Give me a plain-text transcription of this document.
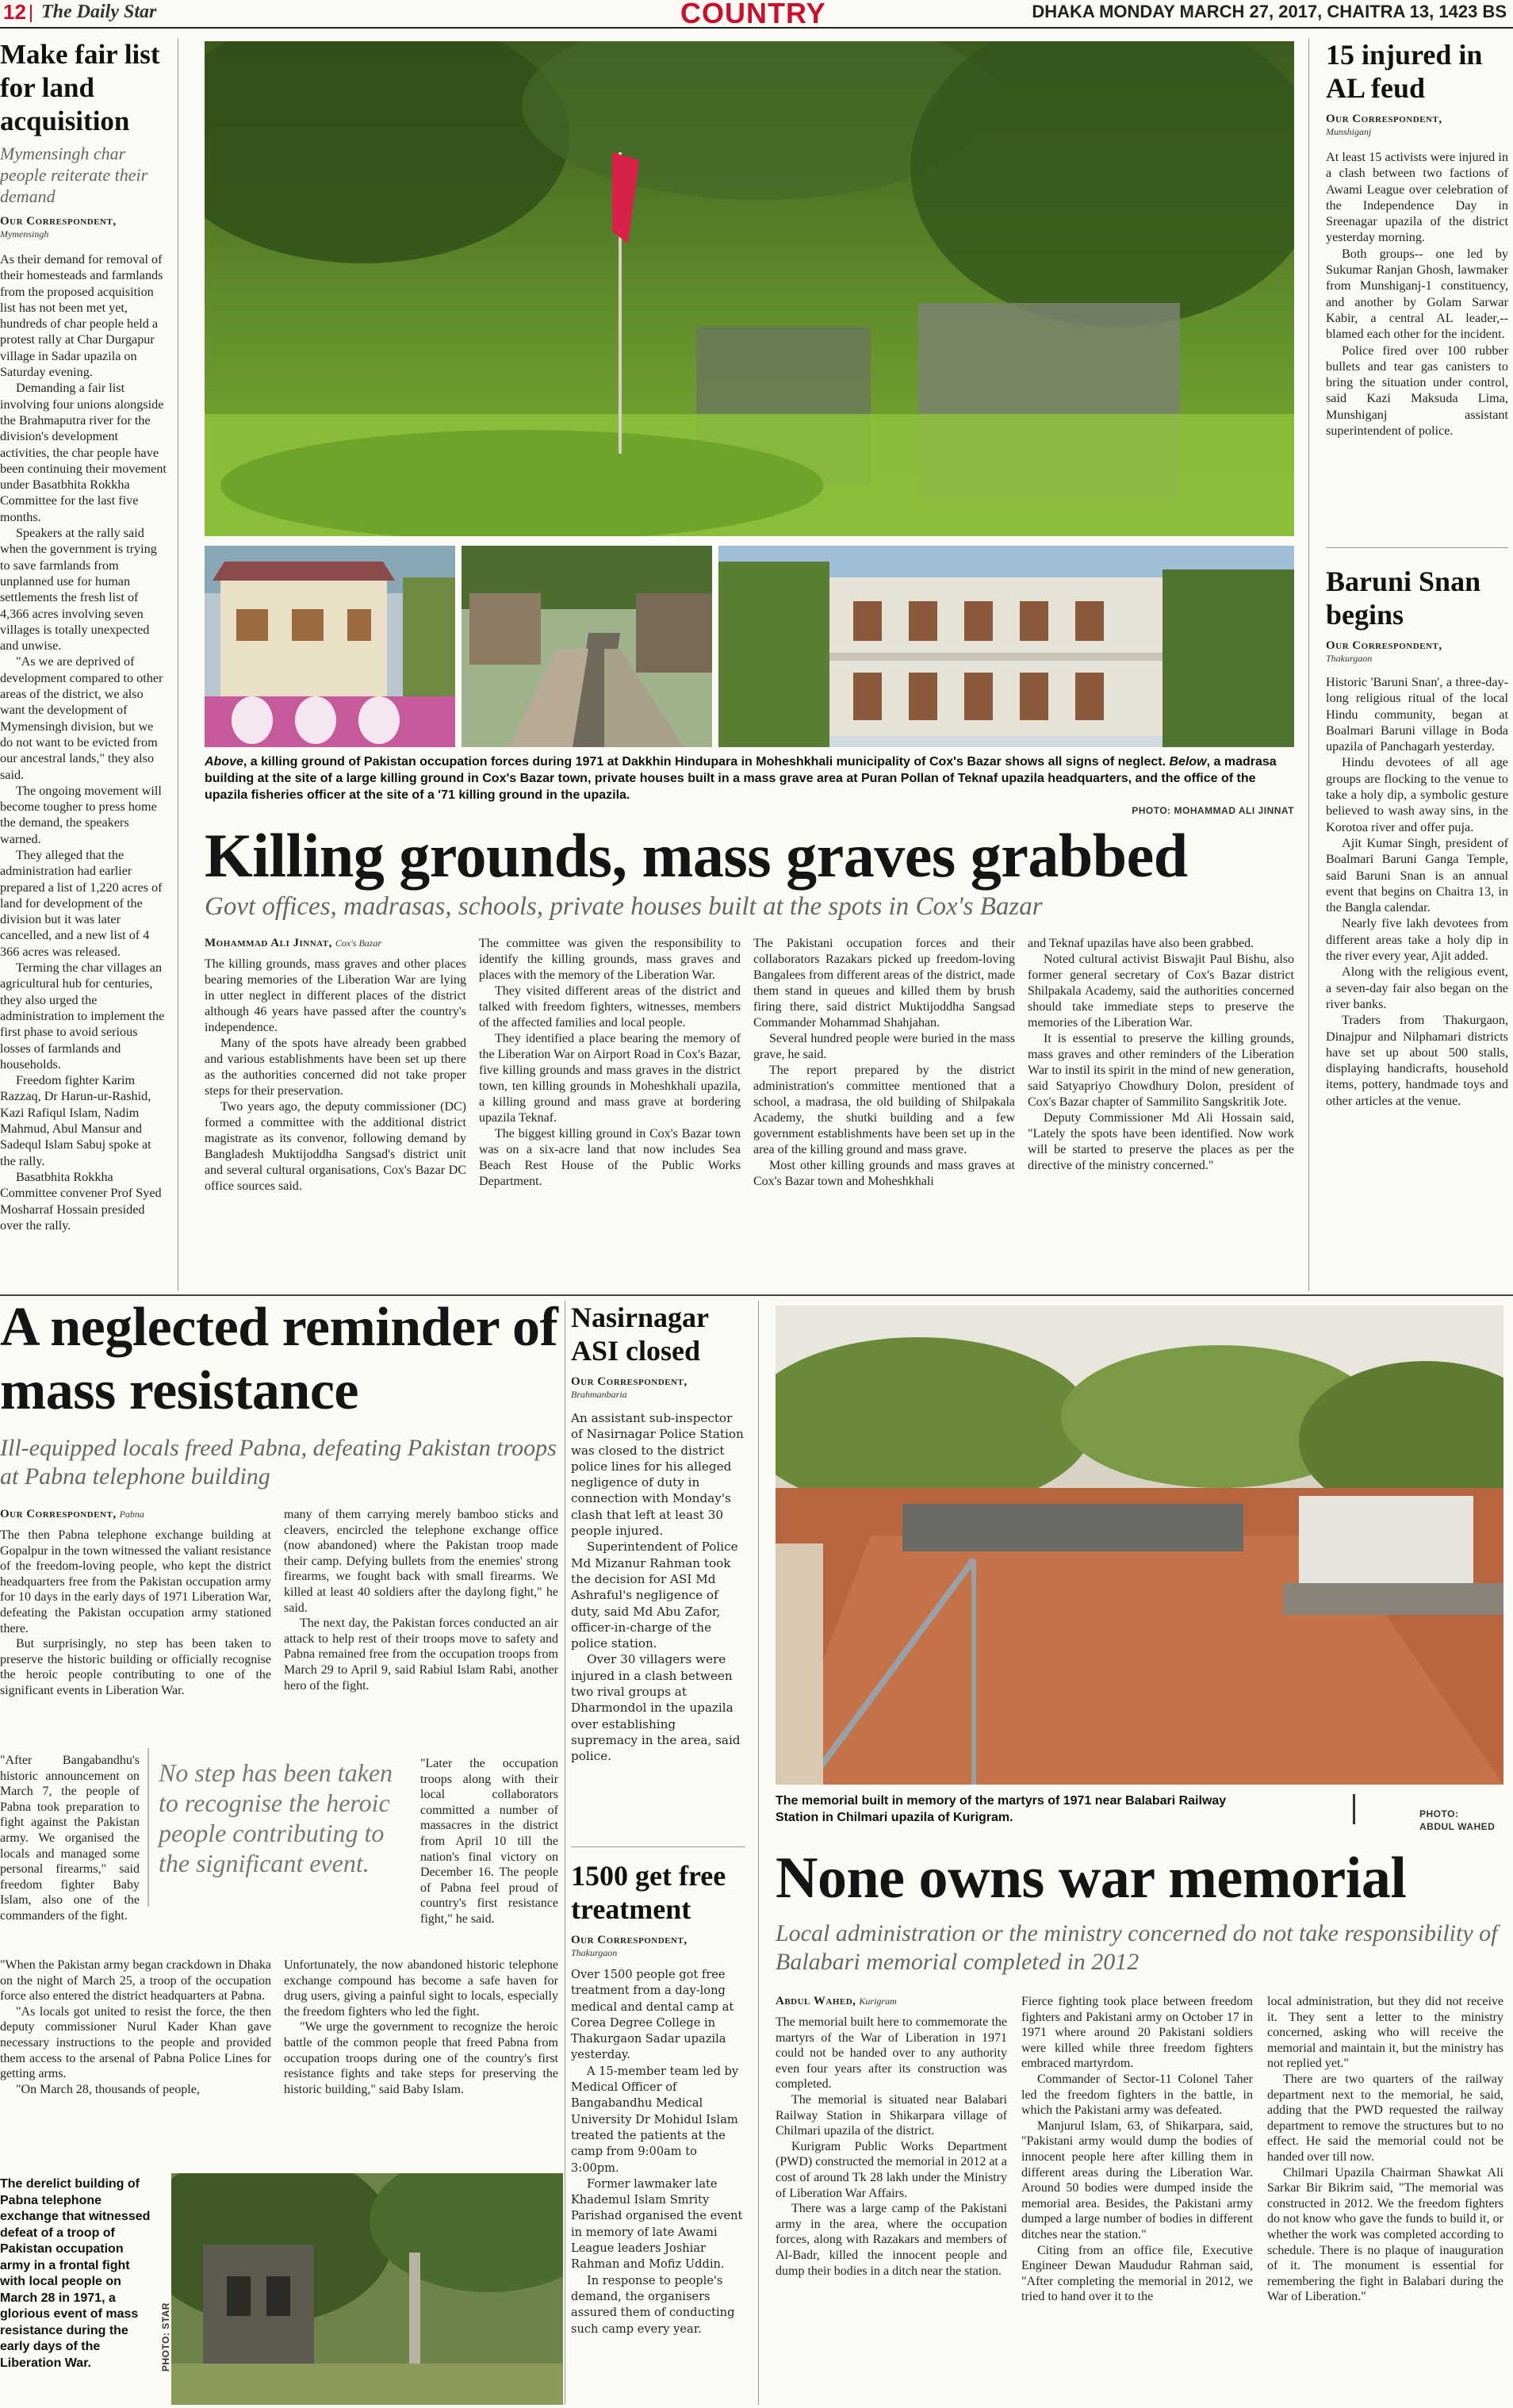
12 The Daily Star	COUNTRY	DHAKA MONDAY MARCH 27, 2017, CHAITRA 13, 1423 BS
Make fair list for land acquisition
Mymensingh char people reiterate their demand
Our Correspondent,
Mymensingh

As their demand for removal of their homesteads and farmlands from the proposed acquisition list has not been met yet, hundreds of char people held a protest rally at Char Durgapur village in Sadar upazila on Saturday evening.

Demanding a fair list involving four unions alongside the Brahmaputra river for the division's development activities, the char people have been continuing their movement under Basatbhita Rokkha Committee for the last five months.

Speakers at the rally said when the government is trying to save farmlands from unplanned use for human settlements the fresh list of 4,366 acres involving seven villages is totally unexpected and unwise.

"As we are deprived of development compared to other areas of the district, we also want the development of Mymensingh division, but we do not want to be evicted from our ancestral lands," they also said.

The ongoing movement will become tougher to press home the demand, the speakers warned.

They alleged that the administration had earlier prepared a list of 1,220 acres of land for development of the division but it was later cancelled, and a new list of 4 366 acres was released.

Terming the char villages an agricultural hub for centuries, they also urged the administration to implement the first phase to avoid serious losses of farmlands and households.

Freedom fighter Karim Razzaq, Dr Harun-ur-Rashid, Kazi Rafiqul Islam, Nadim Mahmud, Abul Mansur and Sadequl Islam Sabuj spoke at the rally.

Basatbhita Rokkha Committee convener Prof Syed Mosharraf Hossain presided over the rally.

Above, a killing ground of Pakistan occupation forces during 1971 at Dakkhin Hindupara in Moheshkhali municipality of Cox's Bazar shows all signs of neglect. Below, a madrasa building at the site of a large killing ground in Cox's Bazar town, private houses built in a mass grave area at Puran Pollan of Teknaf upazila headquarters, and the office of the upazila fisheries officer at the site of a '71 killing ground in the upazila.
PHOTO: MOHAMMAD ALI JINNAT
Killing grounds, mass graves grabbed
Govt offices, madrasas, schools, private houses built at the spots in Cox's Bazar
Mohammad Ali Jinnat, Cox's Bazar

The killing grounds, mass graves and other places bearing memories of the Liberation War are lying in utter neglect in different places of the district although 46 years have passed after the country's independence.

Many of the spots have already been grabbed and various establishments have been set up there as the authorities concerned did not take proper steps for their preservation.

Two years ago, the deputy commissioner (DC) formed a committee with the additional district magistrate as its convenor, following demand by Bangladesh Muktijoddha Sangsad's district unit and several cultural organisations, Cox's Bazar DC office sources said.

The committee was given the responsibility to identify the killing grounds, mass graves and places with the memory of the Liberation War.

They visited different areas of the district and talked with freedom fighters, witnesses, members of the affected families and local people.

They identified a place bearing the memory of the Liberation War on Airport Road in Cox's Bazar, five killing grounds and mass graves in the district town, ten killing grounds in Moheshkhali upazila, a killing ground and mass grave at bordering upazila Teknaf.

The biggest killing ground in Cox's Bazar town was on a six-acre land that now includes Sea Beach Rest House of the Public Works Department.

The Pakistani occupation forces and their collaborators Razakars picked up freedom-loving Bangalees from different areas of the district, made them stand in queues and killed them by brush firing there, said district Muktijoddha Sangsad Commander Mohammad Shahjahan.

Several hundred people were buried in the mass grave, he said.

The report prepared by the district administration's committee mentioned that a school, a madrasa, the old building of Shilpakala Academy, the shutki building and a few government establishments have been set up in the area of the killing ground and mass grave.

Most other killing grounds and mass graves at Cox's Bazar town and Moheshkhali

and Teknaf upazilas have also been grabbed.

Noted cultural activist Biswajit Paul Bishu, also former general secretary of Cox's Bazar district Shilpakala Academy, said the authorities concerned should take immediate steps to preserve the memories of the Liberation War.

It is essential to preserve the killing grounds, mass graves and other reminders of the Liberation War to instil its spirit in the mind of new generation, said Satyapriyo Chowdhury Dolon, president of Cox's Bazar chapter of Sammilito Sangskritik Jote.

Deputy Commissioner Md Ali Hossain said, "Lately the spots have been identified. Now work will be started to preserve the places as per the directive of the ministry concerned."

15 injured in AL feud
Our Correspondent,
Munshiganj

At least 15 activists were injured in a clash between two factions of Awami League over celebration of the Independence Day in Sreenagar upazila of the district yesterday morning.

Both groups-- one led by Sukumar Ranjan Ghosh, lawmaker from Munshiganj-1 constituency, and another by Golam Sarwar Kabir, a central AL leader,-- blamed each other for the incident.

Police fired over 100 rubber bullets and tear gas canisters to bring the situation under control, said Kazi Maksuda Lima, Munshiganj assistant superintendent of police.

Baruni Snan begins
Our Correspondent,
Thakurgaon

Historic 'Baruni Snan', a three-day-long religious ritual of the local Hindu community, began at Boalmari Baruni village in Boda upazila of Panchagarh yesterday.

Hindu devotees of all age groups are flocking to the venue to take a holy dip, a symbolic gesture believed to wash away sins, in the Korotoa river and offer puja.

Ajit Kumar Singh, president of Boalmari Baruni Ganga Temple, said Baruni Snan is an annual event that begins on Chaitra 13, in the Bangla calendar.

Nearly five lakh devotees from different areas take a holy dip in the river every year, Ajit added.

Along with the religious event, a seven-day fair also began on the river banks.

Traders from Thakurgaon, Dinajpur and Nilphamari districts have set up about 500 stalls, displaying handicrafts, household items, pottery, handmade toys and other articles at the venue.

A neglected reminder of mass resistance
Ill-equipped locals freed Pabna, defeating Pakistan troops at Pabna telephone building
Our Correspondent, Pabna

The then Pabna telephone exchange building at Gopalpur in the town witnessed the valiant resistance of the freedom-loving people, who kept the district headquarters free from the Pakistan occupation army for 10 days in the early days of 1971 Liberation War, defeating the Pakistan occupation army stationed there.

But surprisingly, no step has been taken to preserve the historic building or officially recognise the heroic people contributing to one of the significant events in Liberation War.

"After Bangabandhu's historic announcement on March 7, the people of Pabna took preparation to fight against the Pakistan army. We organised the locals and managed some personal firearms," said freedom fighter Baby Islam, also one of the commanders of the fight.

"When the Pakistan army began crackdown in Dhaka on the night of March 25, a troop of the occupation force also entered the district headquarters at Pabna.

"As locals got united to resist the force, the then deputy commissioner Nurul Kader Khan gave necessary instructions to the people and provided them access to the arsenal of Pabna Police Lines for getting arms.

"On March 28, thousands of people,

No step has been taken to recognise the heroic people contributing to the significant event.

many of them carrying merely bamboo sticks and cleavers, encircled the telephone exchange office (now abandoned) where the Pakistan troop made their camp. Defying bullets from the enemies' strong firearms, we fought back with small firearms. We killed at least 40 soldiers after the daylong fight," he said.

The next day, the Pakistan forces conducted an air attack to help rest of their troops move to safety and Pabna remained free from the occupation troops from March 29 to April 9, said Rabiul Islam Rabi, another hero of the fight.

"Later the occupation troops along with their local collaborators committed a number of massacres in the district from April 10 till the nation's final victory on December 16. The people of Pabna feel proud of country's first resistance fight," he said.

Unfortunately, the now abandoned historic telephone exchange compound has become a safe haven for drug users, giving a painful sight to locals, especially the freedom fighters who led the fight.

"We urge the government to recognize the heroic battle of the common people that freed Pabna from occupation troops during one of the country's first resistance fights and take steps for preserving the historic building," said Baby Islam.

The derelict building of Pabna telephone exchange that witnessed defeat of a troop of Pakistan occupation army in a frontal fight with local people on March 28 in 1971, a glorious event of mass resistance during the early days of the Liberation War.	PHOTO: STAR
Nasirnagar ASI closed
Our Correspondent,
Brahmanbaria

An assistant sub-inspector of Nasirnagar Police Station was closed to the district police lines for his alleged negligence of duty in connection with Monday's clash that left at least 30 people injured.

Superintendent of Police Md Mizanur Rahman took the decision for ASI Md Ashraful's negligence of duty, said Md Abu Zafor, officer-in-charge of the police station.

Over 30 villagers were injured in a clash between two rival groups at Dharmondol in the upazila over establishing supremacy in the area, said police.

1500 get free treatment
Our Correspondent,
Thakurgaon

Over 1500 people got free treatment from a day-long medical and dental camp at Corea Degree College in Thakurgaon Sadar upazila yesterday.

A 15-member team led by Medical Officer of Bangabandhu Medical University Dr Mohidul Islam treated the patients at the camp from 9:00am to 3:00pm.

Former lawmaker late Khademul Islam Smrity Parishad organised the event in memory of late Awami League leaders Joshiar Rahman and Mofiz Uddin.

In response to people's demand, the organisers assured them of conducting such camp every year.

The memorial built in memory of the martyrs of 1971 near Balabari Railway Station in Chilmari upazila of Kurigram.	PHOTO:
ABDUL WAHED
None owns war memorial
Local administration or the ministry concerned do not take responsibility of Balabari memorial completed in 2012
Abdul Wahed, Kurigram

The memorial built here to commemorate the martyrs of the War of Liberation in 1971 could not be handed over to any authority even four years after its construction was completed.

The memorial is situated near Balabari Railway Station in Shikarpara village of Chilmari upazila of the district.

Kurigram Public Works Department (PWD) constructed the memorial in 2012 at a cost of around Tk 28 lakh under the Ministry of Liberation War Affairs.

There was a large camp of the Pakistani army in the area, where the occupation forces, along with Razakars and members of Al-Badr, killed the innocent people and dump their bodies in a ditch near the station.

Fierce fighting took place between freedom fighters and Pakistani army on October 17 in 1971 where around 20 Pakistani soldiers were killed while three freedom fighters embraced martyrdom.

Commander of Sector-11 Colonel Taher led the freedom fighters in the battle, in which the Pakistani army was defeated.

Manjurul Islam, 63, of Shikarpara, said, "Pakistani army would dump the bodies of innocent people here after killing them in different areas during the Liberation War. Around 50 bodies were dumped inside the memorial area. Besides, the Pakistani army dumped a large number of bodies in different ditches near the station."

Citing from an office file, Executive Engineer Dewan Maududur Rahman said, "After completing the memorial in 2012, we tried to hand over it to the

local administration, but they did not receive it. They sent a letter to the ministry concerned, asking who will receive the memorial and maintain it, but the ministry has not replied yet."

There are two quarters of the railway department next to the memorial, he said, adding that the PWD requested the railway department to remove the structures but to no effect. He said the memorial could not be handed over till now.

Chilmari Upazila Chairman Shawkat Ali Sarkar Bir Bikrim said, "The memorial was constructed in 2012. We the freedom fighters do not know who gave the funds to build it, or whether the work was completed according to schedule. There is no plaque of inauguration of it. The monument is essential for remembering the fight in Balabari during the War of Liberation."
